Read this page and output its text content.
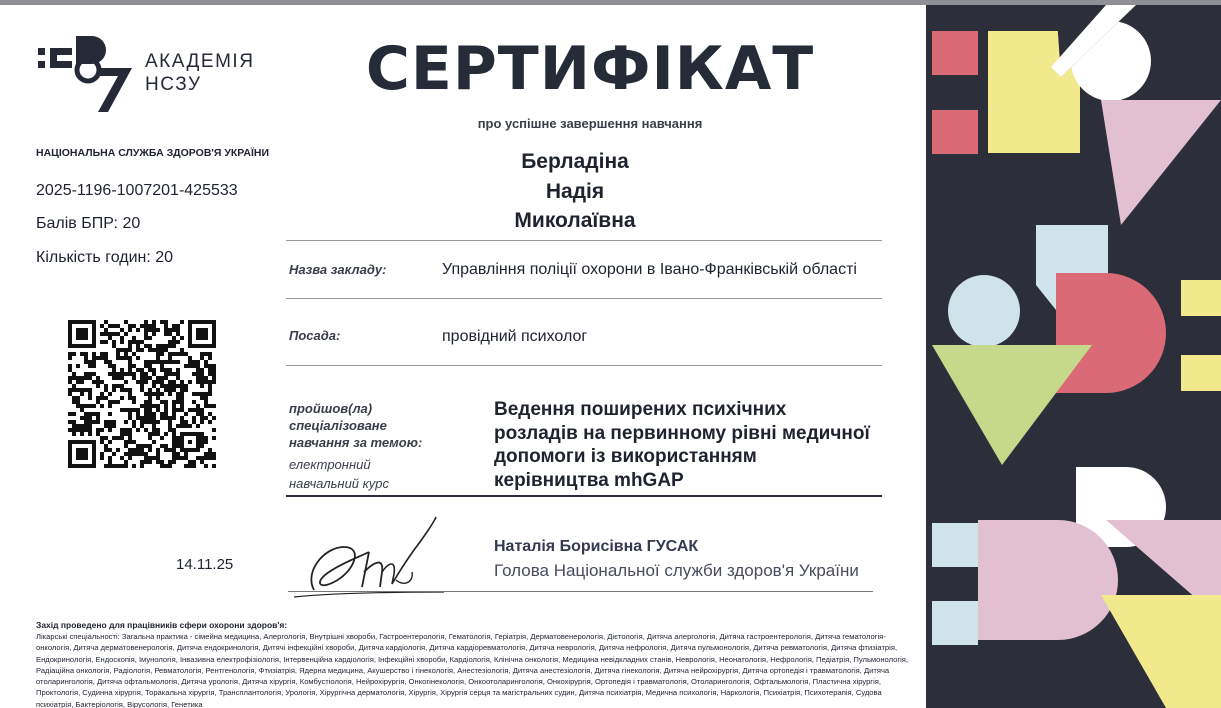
АКАДЕМІЯ
НСЗУ
НАЦІОНАЛЬНА СЛУЖБА ЗДОРОВ'Я УКРАЇНИ
2025-1196-1007201-425533
Балів БПР: 20
Кількість годин: 20
14.11.25
СЕРТИФІКАТ
про успішне завершення навчання
Берладіна
Надія
Миколаївна
Назва закладу:	Управління поліції охорони в Івано-Франківській області
Посада:	провідний психолог
пройшов(ла)
спеціалізоване
навчання за темою:
електронний
навчальний курс
Ведення поширених психічних
розладів на первинному рівні медичної
допомоги із використанням
керівництва mhGAP
Наталія Борисівна ГУСАК
Голова Національної служби здоров'я України
Захід проведено для працівників сфери охорони здоров'я:
Лікарські спеціальності: Загальна практика - сімейна медицина, Алергологія, Внутрішні хвороби, Гастроентерологія, Гематологія, Геріатрія, Дерматовенерологія, Дієтологія, Дитяча алергологія, Дитяча гастроентерологія, Дитяча гематологія-онкологія, Дитяча дерматовенерологія, Дитяча ендокринологія, Дитячі інфекційні хвороби, Дитяча кардіологія, Дитяча кардіоревматологія, Дитяча неврологія, Дитяча нефрологія, Дитяча пульмонологія, Дитяча ревматологія, Дитяча фтизіатрія, Ендокринологія, Ендоскопія, Імунологія, Інвазивна електрофізіологія, Інтервенційна кардіологія, Інфекційні хвороби, Кардіологія, Клінічна онкологія, Медицина невідкладних станів, Неврологія, Неонатологія, Нефрологія, Педіатрія, Пульмонологія, Радіаційна онкологія, Радіологія, Ревматологія, Рентгенологія, Фтизіатрія, Ядерна медицина, Акушерство і гінекологія, Анестезіологія, Дитяча анестезіологія, Дитяча гінекологія, Дитяча нейрохірургія, Дитяча ортопедія і травматологія, Дитяча отоларингологія, Дитяча офтальмологія, Дитяча урологія, Дитяча хірургія, Комбустіологія, Нейрохірургія, Онкогінекологія, Онкоотоларингологія, Онкохірургія, Ортопедія і травматологія, Отоларингологія, Офтальмологія, Пластична хірургія, Проктологія, Судинна хірургія, Торакальна хірургія, Трансплантологія, Урологія, Хірургічна дерматологія, Хірургія, Хірургія серця та магістральних судин, Дитяча психіатрія, Медична психологія, Наркологія, Психіатрія, Психотерапія, Судова психіатрія, Бактеріологія, Вірусологія, Генетика
